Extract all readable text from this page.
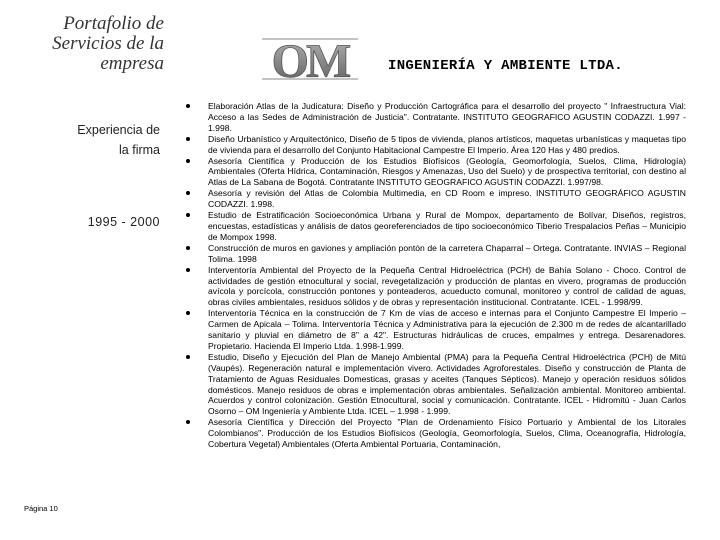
Portafolio de
Servicios de la
empresa OM	INGENIERÍA Y AMBIENTE LTDA.
Experiencia de
la firma
1995 - 2000
Página 10
Elaboración Atlas de la Judicatura: Diseño y Producción Cartográfica para el desarrollo del proyecto " Infraestructura Vial: Acceso a las Sedes de Administración de Justicia". Contratante. INSTITUTO GEOGRAFICO AGUSTIN CODAZZI. 1.997 - 1.998.
Diseño Urbanístico y Arquitectónico, Diseño de 5 tipos de vivienda, planos artísticos, maquetas urbanísticas y maquetas tipo de vivienda para el desarrollo del Conjunto Habitacional Campestre El Imperio. Área 120 Has y 480 predios.
Asesoría Científica y Producción de los Estudios Biofísicos (Geología, Geomorfología, Suelos, Clima, Hidrología) Ambientales (Oferta Hídrica, Contaminación, Riesgos y Amenazas, Uso del Suelo) y de prospectiva territorial, con destino al Atlas de La Sabana de Bogotá. Contratante INSTITUTO GEOGRAFICO AGUSTIN CODAZZI. 1.997/98.
Asesoría y revisión del Atlas de Colombia Multimedia, en CD Room e impreso. INSTITUTO GEOGRÁFICO AGUSTIN CODAZZI. 1.998.
Estudio de Estratificación Socioeconómica Urbana y Rural de Mompox, departamento de Bolívar, Diseños, registros, encuestas, estadísticas y análisis de datos georeferenciados de tipo socioeconómico Tiberio Trespalacios Peñas – Municipio de Mompox 1998.
Construcción de muros en gaviones y ampliación pontón de la carretera Chaparral – Ortega. Contratante. INVIAS – Regional Tolima. 1998
Interventoría Ambiental del Proyecto de la Pequeña Central Hidroeléctrica (PCH) de Bahía Solano - Choco. Control de actividades de gestión etnocultural y social, revegetalización y producción de plantas en vivero, programas de producción avícola y porcícola, construcción pontones y ponteaderos, acueducto comunal, monitoreo y control de calidad de aguas, obras civiles ambientales, residuos sólidos y de obras y representación institucional. Contratante. ICEL - 1.998/99.
Interventoría Técnica en la construcción de 7 Km de vías de acceso e internas para el Conjunto Campestre El Imperio – Carmen de Apicala – Tolima. Interventoría Técnica y Administrativa para la ejecución de 2.300 m de redes de alcantarillado sanitario y pluvial en diámetro de 8" a 42". Estructuras hidráulicas de cruces, empalmes y entrega. Desarenadores. Propietario. Hacienda El Imperio Ltda. 1.998-1.999.
Estudio, Diseño y Ejecución del Plan de Manejo Ambiental (PMA) para la Pequeña Central Hidroeléctrica (PCH) de Mitú (Vaupés). Regeneración natural e implementación vivero. Actividades Agroforestales. Diseño y construcción de Planta de Tratamiento de Aguas Residuales Domesticas, grasas y aceites (Tanques Sépticos). Manejo y operación residuos sólidos domésticos. Manejo residuos de obras e implementación obras ambientales. Señalización ambiental. Monitoreo ambiental. Acuerdos y control colonización. Gestión Etnocultural, social y comunicación. Contratante. ICEL - Hidromitú - Juan Carlos Osorno – OM Ingeniería y Ambiente Ltda. ICEL – 1.998 - 1.999.
Asesoría Científica y Dirección del Proyecto "Plan de Ordenamiento Físico Portuario y Ambiental de los Litorales Colombianos". Producción de los Estudios Biofísicos (Geología, Geomorfología, Suelos, Clima, Oceanografía, Hidrología, Cobertura Vegetal) Ambientales (Oferta Ambiental Portuaria, Contaminación,
